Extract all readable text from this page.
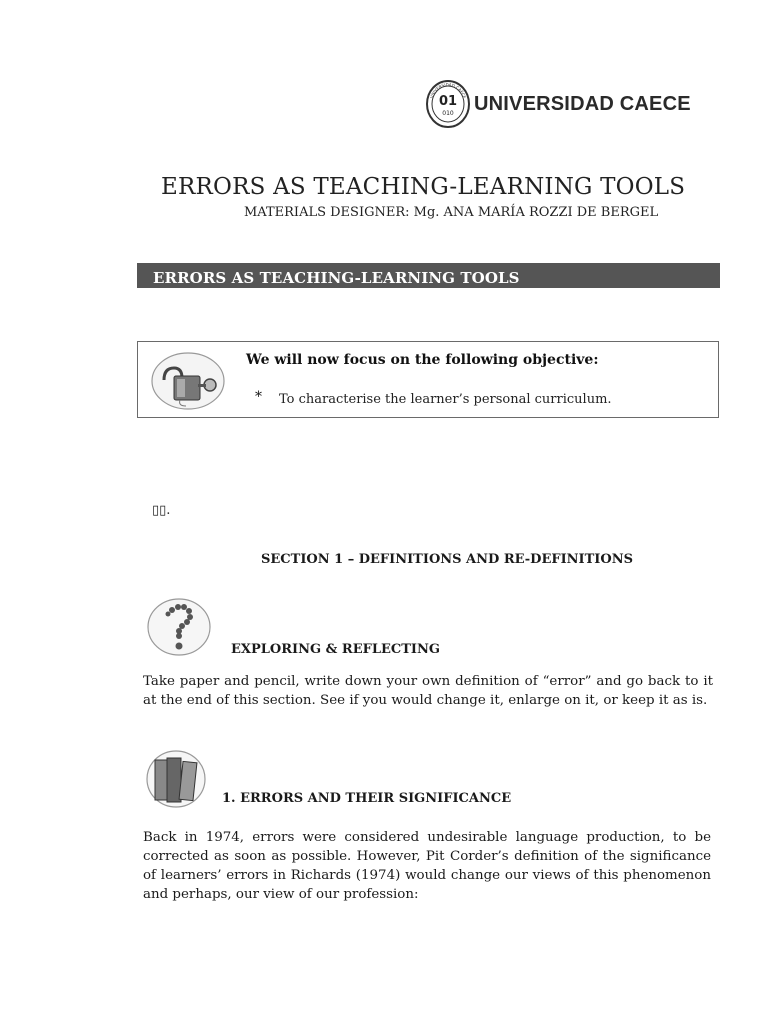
01
010
UNIVERSIDAD CAECE UNIVERSIDAD CAECE
ERRORS AS TEACHING-LEARNING TOOLS
MATERIALS DESIGNER: Mg. ANA MARÍA ROZZI DE BERGEL
ERRORS AS TEACHING-LEARNING TOOLS
We will now focus on the following objective:
* To characterise the learner’s personal curriculum.
▯▯.
SECTION 1 – DEFINITIONS AND RE-DEFINITIONS
EXPLORING & REFLECTING
Take paper and pencil, write down your own definition of “error” and go back to it at the end of this section. See if you would change it, enlarge on it, or keep it as is.
1. ERRORS AND THEIR SIGNIFICANCE
Back in 1974, errors were considered undesirable language production, to be corrected as soon as possible. However, Pit Corder’s definition of the significance of learners’ errors in Richards (1974) would change our views of this phenomenon and perhaps, our view of our profession:
